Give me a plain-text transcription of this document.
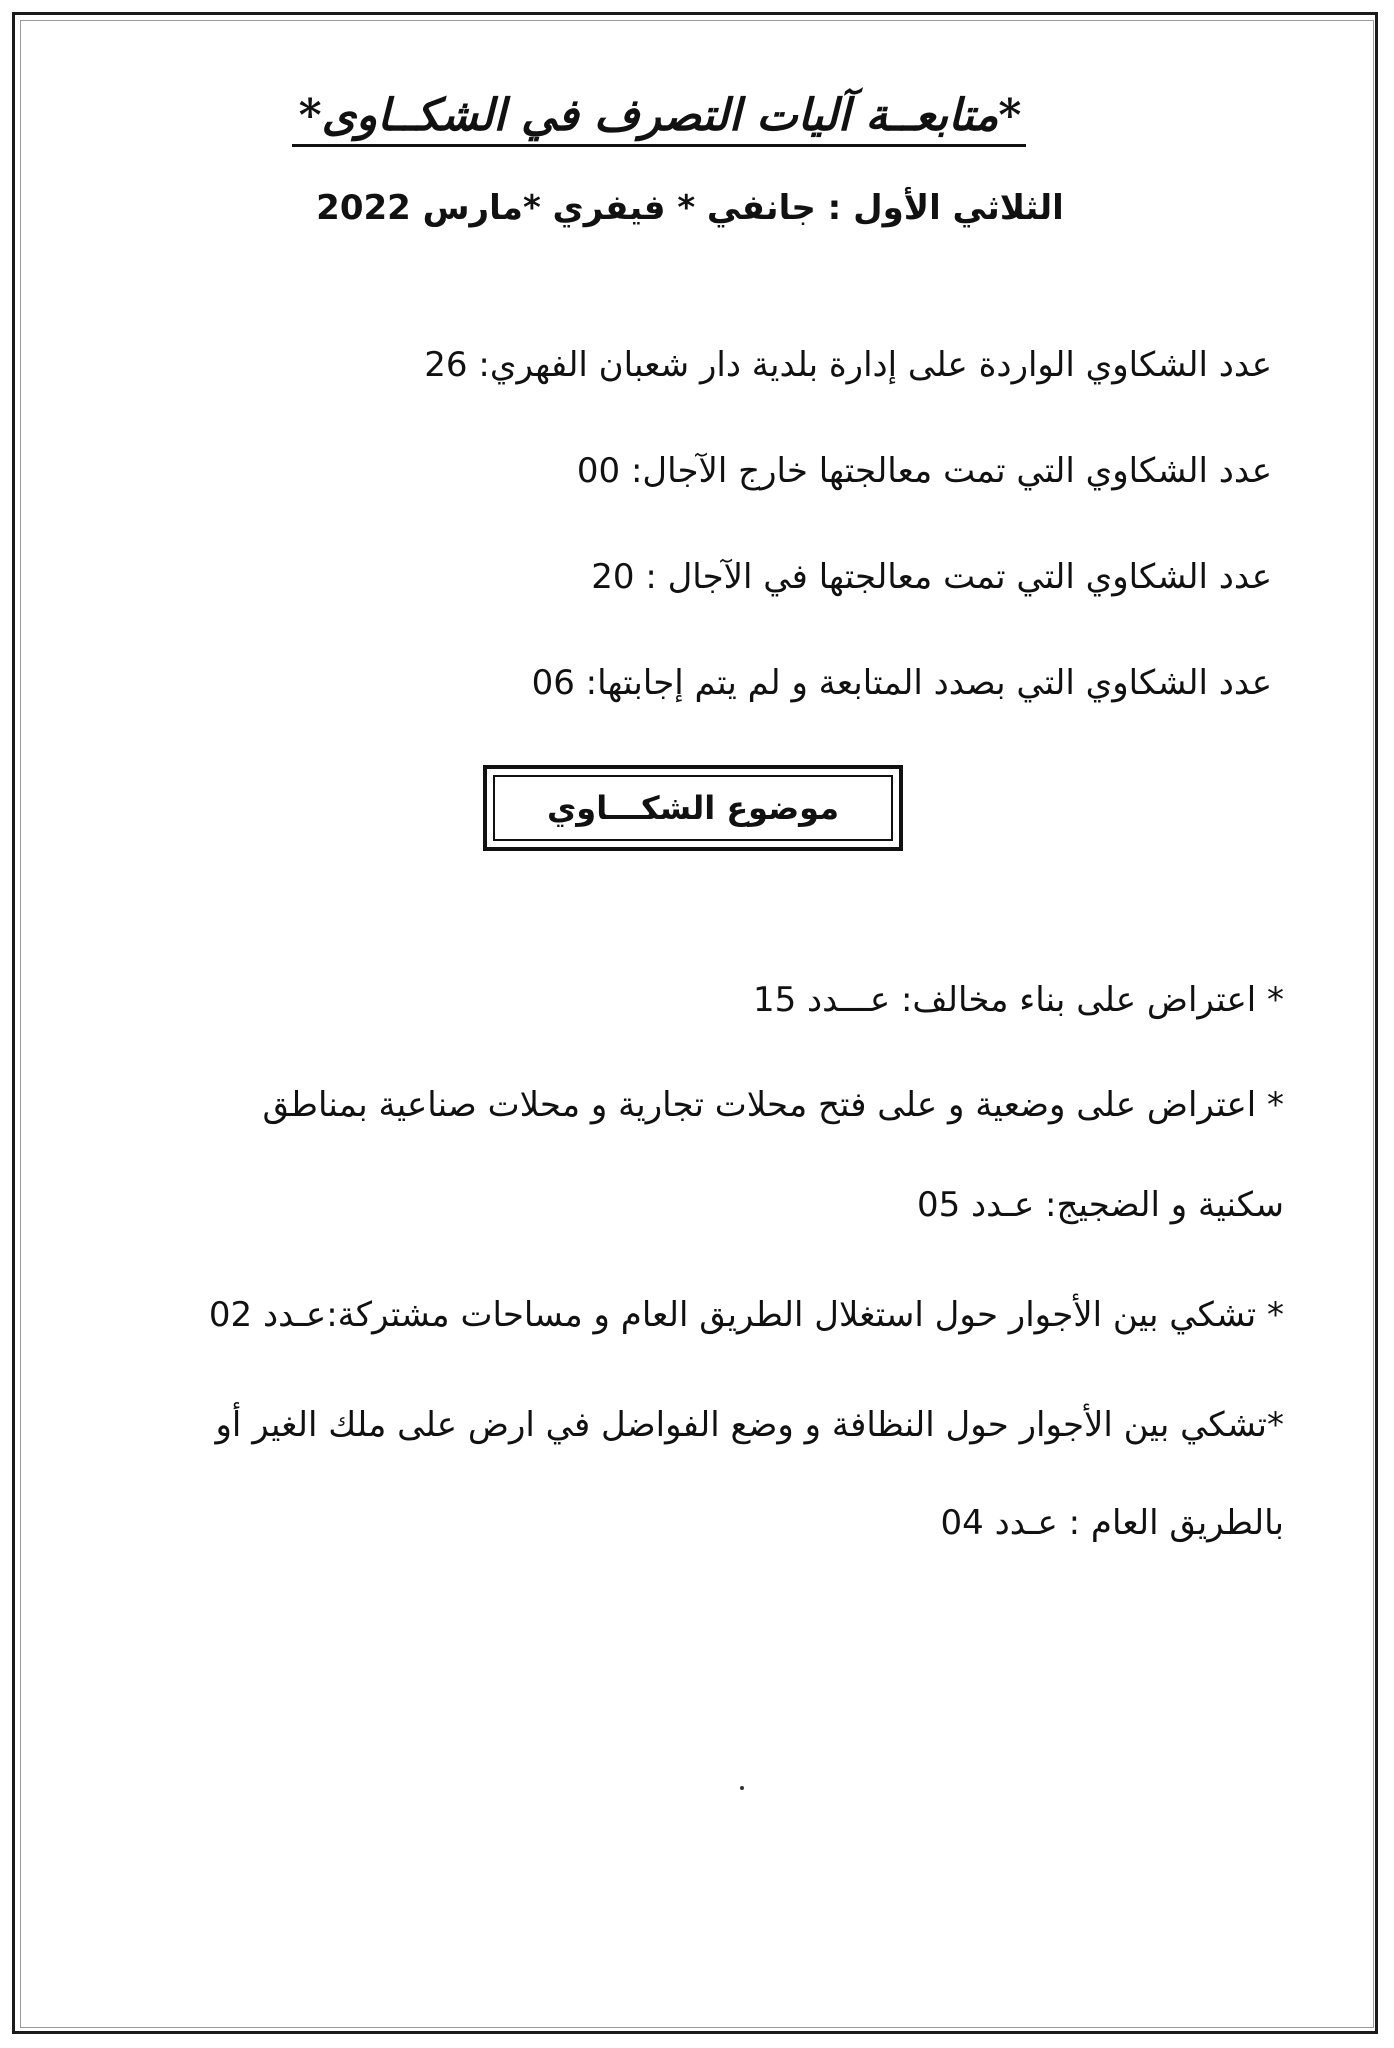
*متابعــة آليات التصرف في الشكــاوى*
الثلاثي الأول : جانفي * فيفري *مارس 2022
عدد الشكاوي الواردة على إدارة بلدية دار شعبان الفهري: 26
عدد الشكاوي التي تمت معالجتها خارج الآجال: 00
عدد الشكاوي التي تمت معالجتها في الآجال : 20
عدد الشكاوي التي بصدد المتابعة و لم يتم إجابتها: 06
موضوع الشكـــاوي
* اعتراض على بناء مخالف: عـــدد 15
* اعتراض على وضعية و على فتح محلات تجارية و محلات صناعية بمناطق
سكنية و الضجيج: عـدد 05
* تشكي بين الأجوار حول استغلال الطريق العام و مساحات مشتركة:عـدد 02
*تشكي بين الأجوار حول النظافة و وضع الفواضل في ارض على ملك الغير أو
بالطريق العام : عـدد 04
